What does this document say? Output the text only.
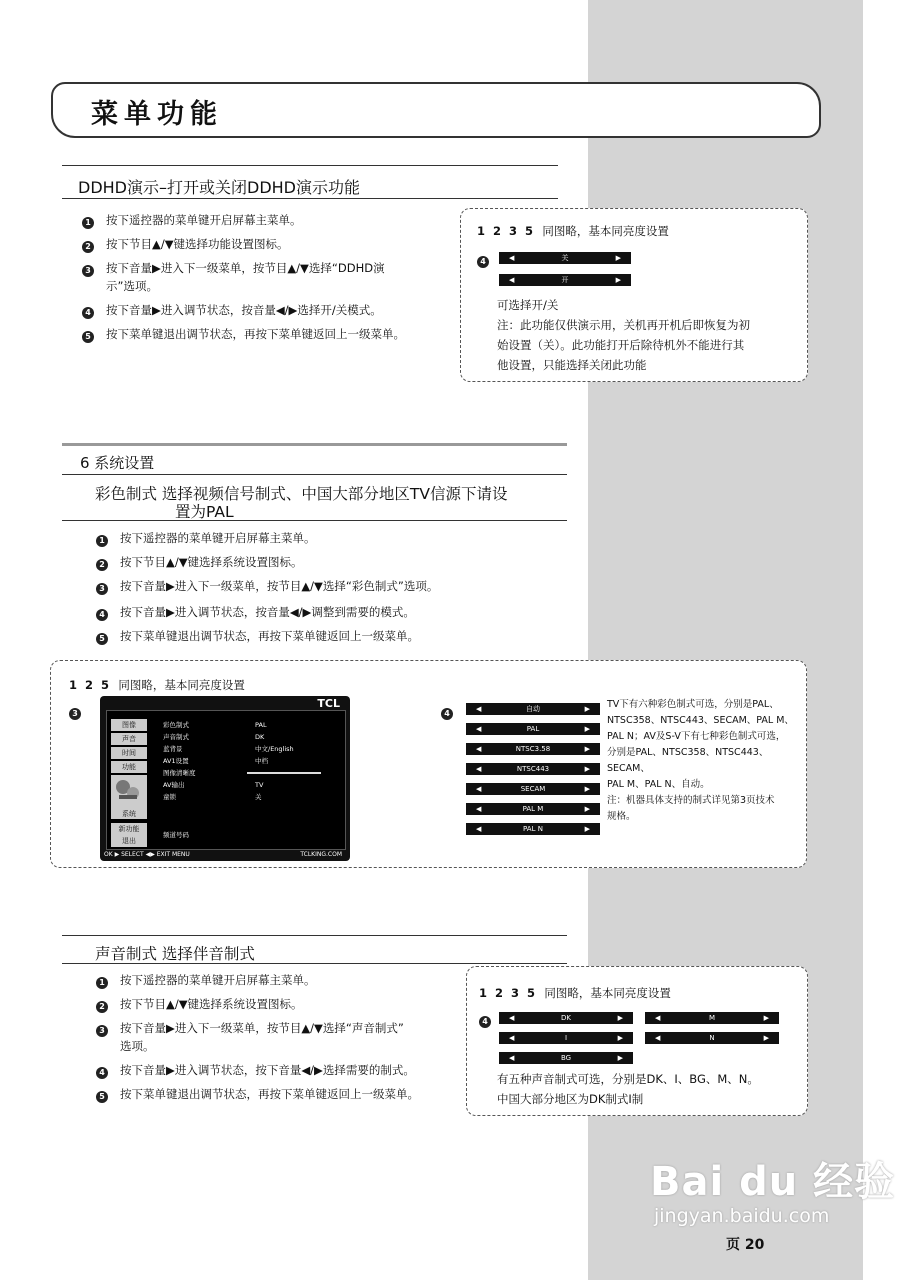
菜单功能
DDHD演示–打开或关闭DDHD演示功能
1 按下遥控器的菜单键开启屏幕主菜单。
2 按下节目▲/▼键选择功能设置图标。
3 按下音量▶进入下一级菜单，按节目▲/▼选择“DDHD演
示”选项。
4 按下音量▶进入调节状态，按音量◀/▶选择开/关模式。
5 按下菜单键退出调节状态，再按下菜单键返回上一级菜单。
1 2 3 5 同图略，基本同亮度设置
4	◀	关	▶
◀	开	▶
可选择开/关
注：此功能仅供演示用，关机再开机后即恢复为初
始设置（关）。此功能打开后除待机外不能进行其
他设置，只能选择关闭此功能
6 系统设置
彩色制式 选择视频信号制式、中国大部分地区TV信源下请设
置为PAL
1 按下遥控器的菜单键开启屏幕主菜单。
2 按下节目▲/▼键选择系统设置图标。
3 按下音量▶进入下一级菜单，按节目▲/▼选择“彩色制式”选项。
4 按下音量▶进入调节状态，按音量◀/▶调整到需要的模式。
5 按下菜单键退出调节状态，再按下菜单键返回上一级菜单。
1 2 5 同图略，基本同亮度设置
3	4	◀	自动	▶
◀	PAL	▶
◀	NTSC3.58	▶
◀	NTSC443	▶
◀	SECAM	▶
◀	PAL M	▶
◀	PAL N	▶
TV下有六种彩色制式可选，分别是PAL、
NTSC358、NTSC443、SECAM、PAL M、
PAL N；AV及S-V下有七种彩色制式可选，
分别是PAL、NTSC358、NTSC443、SECAM、
PAL M、PAL N、自动。
注：机器具体支持的制式详见第3页技术
规格。
TCL
图像
声音
时间
功能
系统
新功能
退出
彩色制式	PAL
声音制式	DK
蓝背景	中文/English
AV1设置	中档
图像清晰度
AV输出	TV
童锁	关
频道号码
OK ▶ SELECT ◀▶ EXIT MENU	TCLKING.COM
声音制式 选择伴音制式
1 按下遥控器的菜单键开启屏幕主菜单。
2 按下节目▲/▼键选择系统设置图标。
3 按下音量▶进入下一级菜单，按节目▲/▼选择“声音制式”
选项。
4 按下音量▶进入调节状态，按下音量◀/▶选择需要的制式。
5 按下菜单键退出调节状态，再按下菜单键返回上一级菜单。
1 2 3 5 同图略，基本同亮度设置
4	◀	DK	▶	◀	M	▶
◀	I	▶	◀	N	▶
◀	BG	▶
有五种声音制式可选，分别是DK、I、BG、M、N。
中国大部分地区为DK制式I制
Bai du 经验
jingyan.baidu.com
页 20
